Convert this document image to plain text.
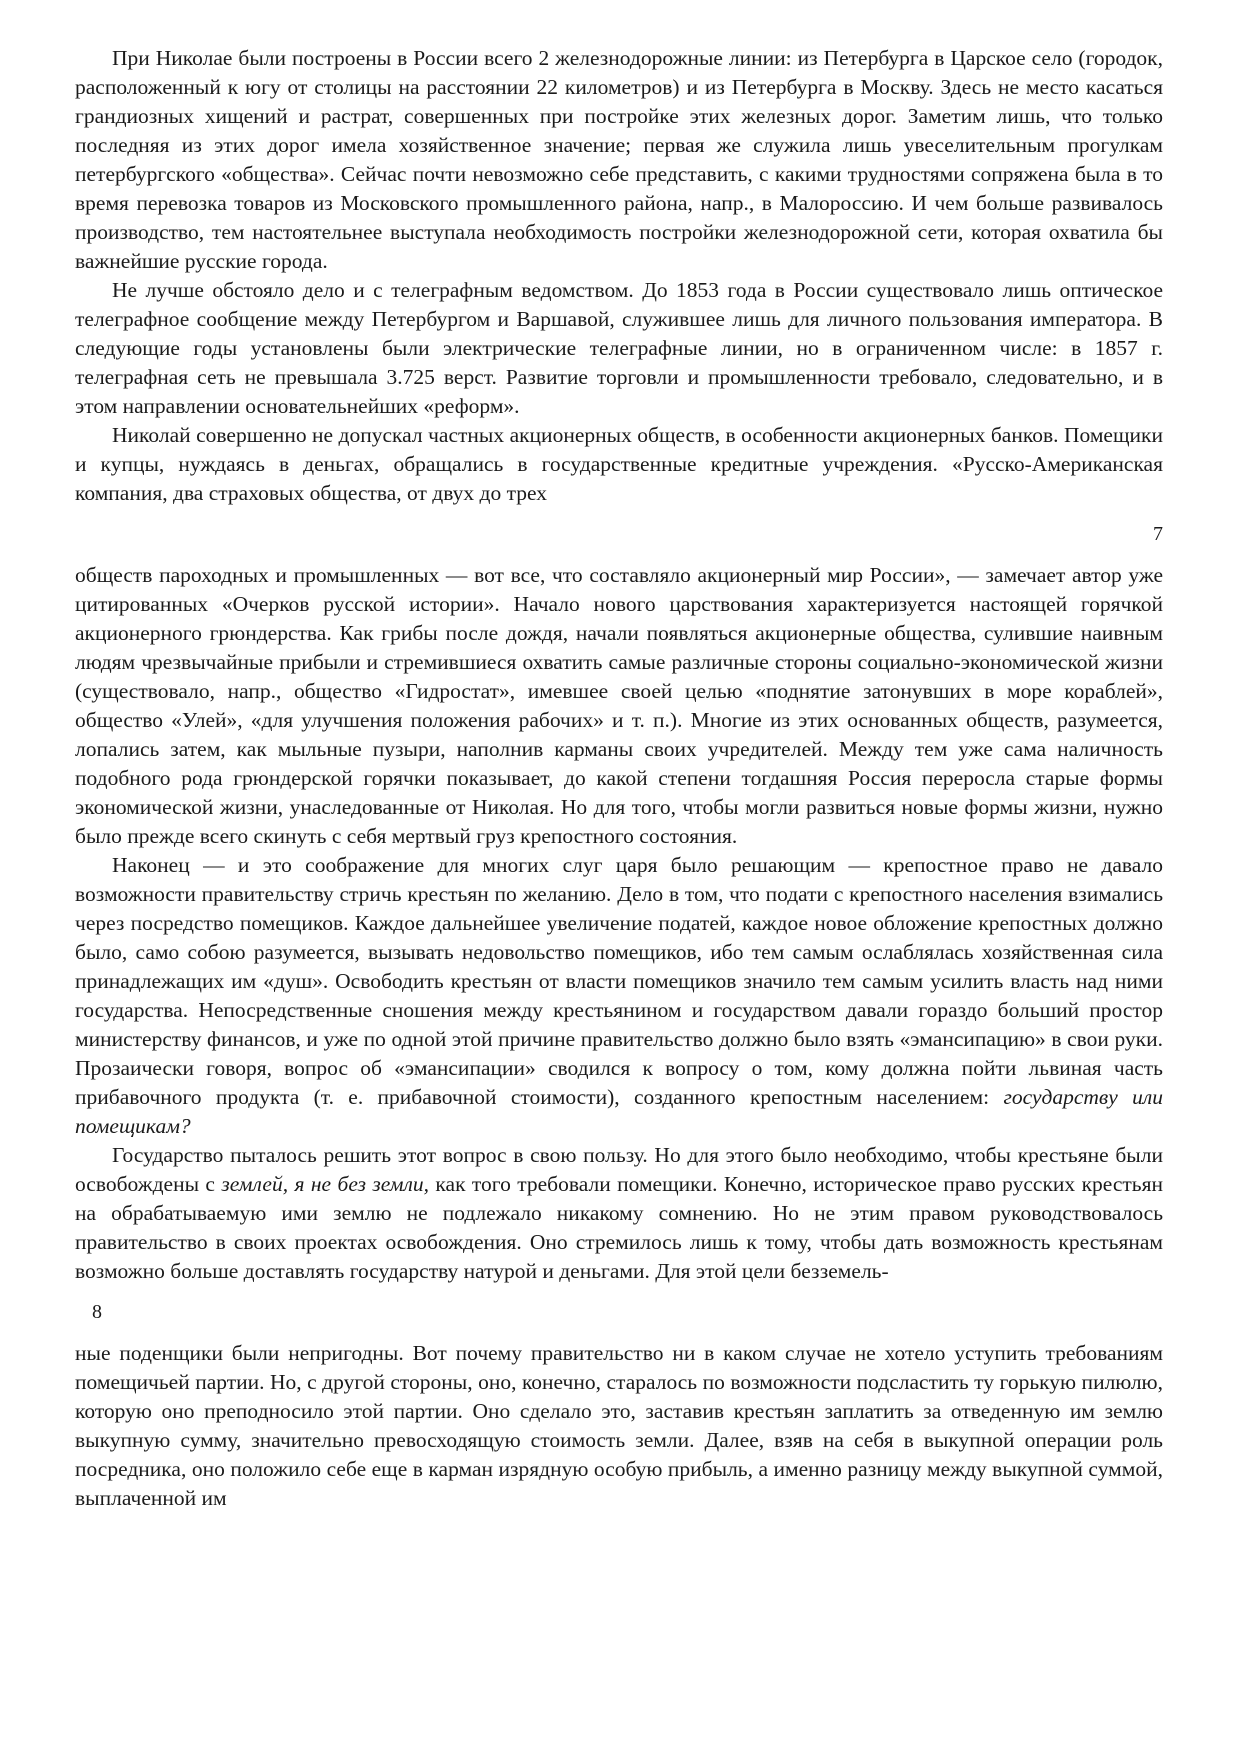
При Николае были построены в России всего 2 железнодорожные линии: из Петербурга в Царское село (городок, расположенный к югу от столицы на расстоянии 22 километров) и из Петербурга в Москву. Здесь не место касаться грандиозных хищений и растрат, совершенных при постройке этих железных дорог. Заметим лишь, что только последняя из этих дорог имела хозяйственное значение; первая же служила лишь увеселительным прогулкам петербургского «общества». Сейчас почти невозможно себе представить, с какими трудностями сопряжена была в то время перевозка товаров из Московского промышленного района, напр., в Малороссию. И чем больше развивалось производство, тем настоятельнее выступала необходимость постройки железнодорожной сети, которая охватила бы важнейшие русские города.

Не лучше обстояло дело и с телеграфным ведомством. До 1853 года в России существовало лишь оптическое телеграфное сообщение между Петербургом и Варшавой, служившее лишь для личного пользования императора. В следующие годы установлены были электрические телеграфные линии, но в ограниченном числе: в 1857 г. телеграфная сеть не превышала 3.725 верст. Развитие торговли и промышленности требовало, следовательно, и в этом направлении основательнейших «реформ».

Николай совершенно не допускал частных акционерных обществ, в особенности акционерных банков. Помещики и купцы, нуждаясь в деньгах, обращались в государственные кредитные учреждения. «Русско-Американская компания, два страховых общества, от двух до трех

7

обществ пароходных и промышленных — вот все, что составляло акционерный мир России», — замечает автор уже цитированных «Очерков русской истории». Начало нового царствования характеризуется настоящей горячкой акционерного грюндерства. Как грибы после дождя, начали появляться акционерные общества, сулившие наивным людям чрезвычайные прибыли и стремившиеся охватить самые различные стороны социально-экономической жизни (существовало, напр., общество «Гидростат», имевшее своей целью «поднятие затонувших в море кораблей», общество «Улей», «для улучшения положения рабочих» и т. п.). Многие из этих основанных обществ, разумеется, лопались затем, как мыльные пузыри, наполнив карманы своих учредителей. Между тем уже сама наличность подобного рода грюндерской горячки показывает, до какой степени тогдашняя Россия переросла старые формы экономической жизни, унаследованные от Николая. Но для того, чтобы могли развиться новые формы жизни, нужно было прежде всего скинуть с себя мертвый груз крепостного состояния.

Наконец — и это соображение для многих слуг царя было решающим — крепостное право не давало возможности правительству стричь крестьян по желанию. Дело в том, что подати с крепостного населения взимались через посредство помещиков. Каждое дальнейшее увеличение податей, каждое новое обложение крепостных должно было, само собою разумеется, вызывать недовольство помещиков, ибо тем самым ослаблялась хозяйственная сила принадлежащих им «душ». Освободить крестьян от власти помещиков значило тем самым усилить власть над ними государства. Непосредственные сношения между крестьянином и государством давали гораздо больший простор министерству финансов, и уже по одной этой причине правительство должно было взять «эмансипацию» в свои руки. Прозаически говоря, вопрос об «эмансипации» сводился к вопросу о том, кому должна пойти львиная часть прибавочного продукта (т. е. прибавочной стоимости), созданного крепостным населением: государству или помещикам?

Государство пыталось решить этот вопрос в свою пользу. Но для этого было необходимо, чтобы крестьяне были освобождены с землей, я не без земли, как того требовали помещики. Конечно, историческое право русских крестьян на обрабатываемую ими землю не подлежало никакому сомнению. Но не этим правом руководствовалось правительство в своих проектах освобождения. Оно стремилось лишь к тому, чтобы дать возможность крестьянам возможно больше доставлять государству натурой и деньгами. Для этой цели безземель-

8

ные поденщики были непригодны. Вот почему правительство ни в каком случае не хотело уступить требованиям помещичьей партии. Но, с другой стороны, оно, конечно, старалось по возможности подсластить ту горькую пилюлю, которую оно преподносило этой партии. Оно сделало это, заставив крестьян заплатить за отведенную им землю выкупную сумму, значительно превосходящую стоимость земли. Далее, взяв на себя в выкупной операции роль посредника, оно положило себе еще в карман изрядную особую прибыль, а именно разницу между выкупной суммой, выплаченной им
